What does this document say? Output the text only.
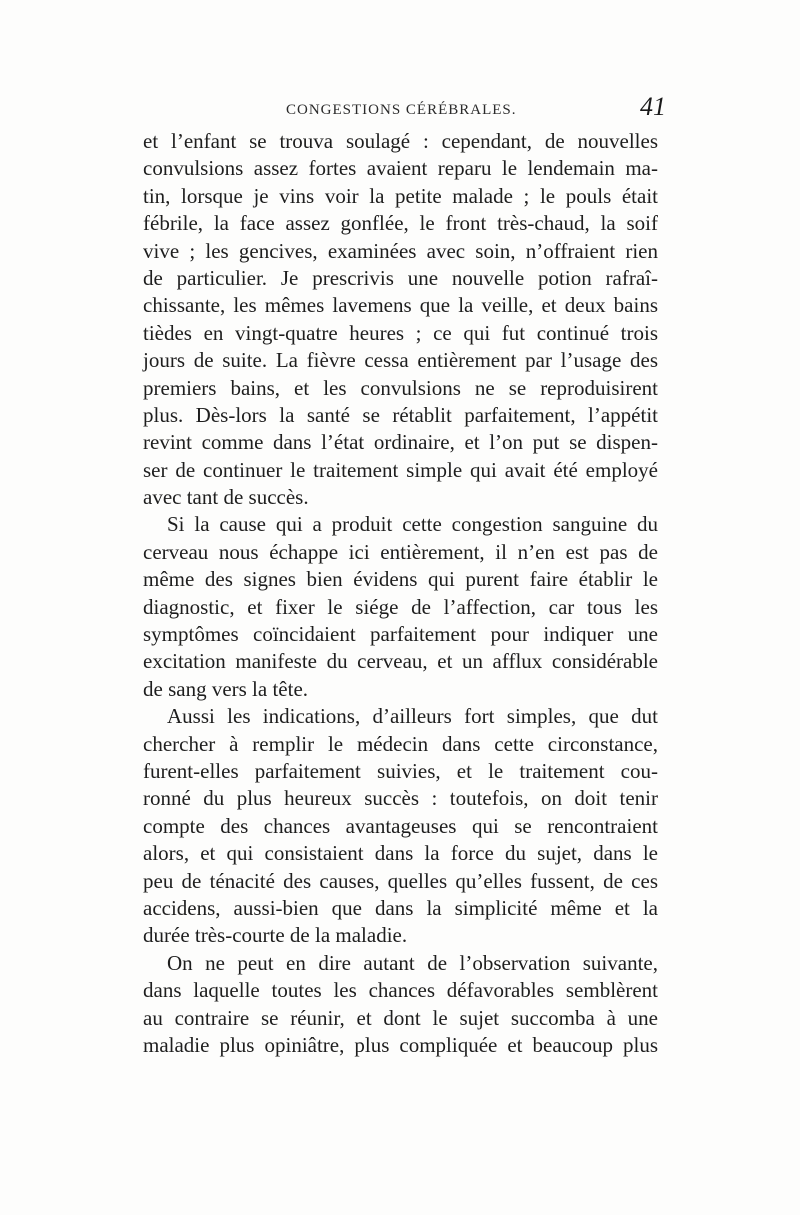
CONGESTIONS CÉRÉBRALES.	41
et l’enfant se trouva soulagé : cependant, de nouvelles
convulsions assez fortes avaient reparu le lendemain ma-
tin, lorsque je vins voir la petite malade ; le pouls était
fébrile, la face assez gonflée, le front très-chaud, la soif
vive ; les gencives, examinées avec soin, n’offraient rien
de particulier. Je prescrivis une nouvelle potion rafraî-
chissante, les mêmes lavemens que la veille, et deux bains
tièdes en vingt-quatre heures ; ce qui fut continué trois
jours de suite. La fièvre cessa entièrement par l’usage des
premiers bains, et les convulsions ne se reproduisirent
plus. Dès-lors la santé se rétablit parfaitement, l’appétit
revint comme dans l’état ordinaire, et l’on put se dispen-
ser de continuer le traitement simple qui avait été employé
avec tant de succès.
Si la cause qui a produit cette congestion sanguine du
cerveau nous échappe ici entièrement, il n’en est pas de
même des signes bien évidens qui purent faire établir le
diagnostic, et fixer le siége de l’affection, car tous les
symptômes coïncidaient parfaitement pour indiquer une
excitation manifeste du cerveau, et un afflux considérable
de sang vers la tête.
Aussi les indications, d’ailleurs fort simples, que dut
chercher à remplir le médecin dans cette circonstance,
furent-elles parfaitement suivies, et le traitement cou-
ronné du plus heureux succès : toutefois, on doit tenir
compte des chances avantageuses qui se rencontraient
alors, et qui consistaient dans la force du sujet, dans le
peu de ténacité des causes, quelles qu’elles fussent, de ces
accidens, aussi-bien que dans la simplicité même et la
durée très-courte de la maladie.
On ne peut en dire autant de l’observation suivante,
dans laquelle toutes les chances défavorables semblèrent
au contraire se réunir, et dont le sujet succomba à une
maladie plus opiniâtre, plus compliquée et beaucoup plus
